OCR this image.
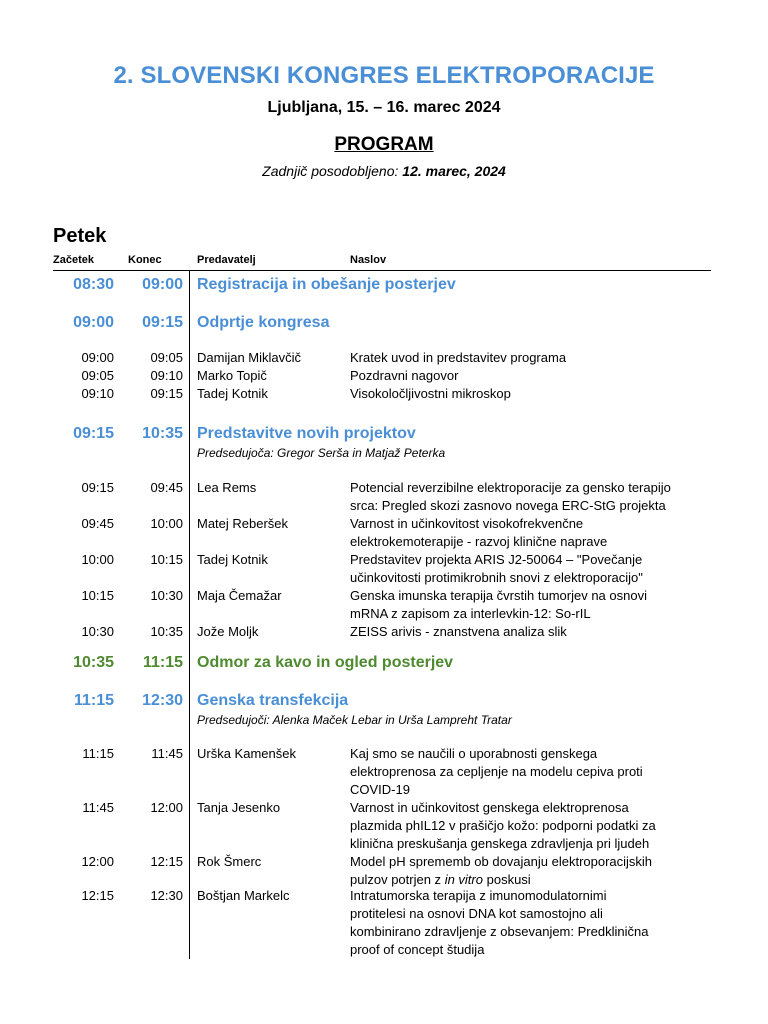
2. SLOVENSKI KONGRES ELEKTROPORACIJE
Ljubljana, 15. – 16. marec 2024
PROGRAM
Zadnjič posodobljeno: 12. marec, 2024
Petek
Začetek	Konec	Predavatelj	Naslov
08:30 09:00 Registracija in obešanje posterjev
09:00 09:15 Odprtje kongresa
09:00	09:05 Damijan Miklavčič	Kratek uvod in predstavitev programa
09:05	09:10 Marko Topič	Pozdravni nagovor
09:10	09:15 Tadej Kotnik	Visokoločljivostni mikroskop
09:15 10:35 Predstavitve novih projektov
Predsedujoča: Gregor Serša in Matjaž Peterka
09:15	09:45 Lea Rems	Potencial reverzibilne elektroporacije za gensko terapijo
srca: Pregled skozi zasnovo novega ERC-StG projekta
09:45	10:00 Matej Reberšek	Varnost in učinkovitost visokofrekvenčne
elektrokemoterapije - razvoj klinične naprave
10:00	10:15 Tadej Kotnik	Predstavitev projekta ARIS J2-50064 – "Povečanje
učinkovitosti protimikrobnih snovi z elektroporacijo"
10:15	10:30 Maja Čemažar	Genska imunska terapija čvrstih tumorjev na osnovi
mRNA z zapisom za interlevkin-12: So-rIL
10:30	10:35 Jože Moljk	ZEISS arivis - znanstvena analiza slik
10:35 11:15 Odmor za kavo in ogled posterjev
11:15 12:30 Genska transfekcija
Predsedujoči: Alenka Maček Lebar in Urša Lampreht Tratar
11:15	11:45 Urška Kamenšek	Kaj smo se naučili o uporabnosti genskega
elektroprenosa za cepljenje na modelu cepiva proti
COVID-19
11:45	12:00 Tanja Jesenko	Varnost in učinkovitost genskega elektroprenosa
plazmida phIL12 v prašičjo kožo: podporni podatki za
klinična preskušanja genskega zdravljenja pri ljudeh
12:00	12:15 Rok Šmerc	Model pH sprememb ob dovajanju elektroporacijskih
pulzov potrjen z in vitro poskusi
12:15	12:30 Boštjan Markelc	Intratumorska terapija z imunomodulatornimi
protitelesi na osnovi DNA kot samostojno ali
kombinirano zdravljenje z obsevanjem: Predklinična
proof of concept študija
